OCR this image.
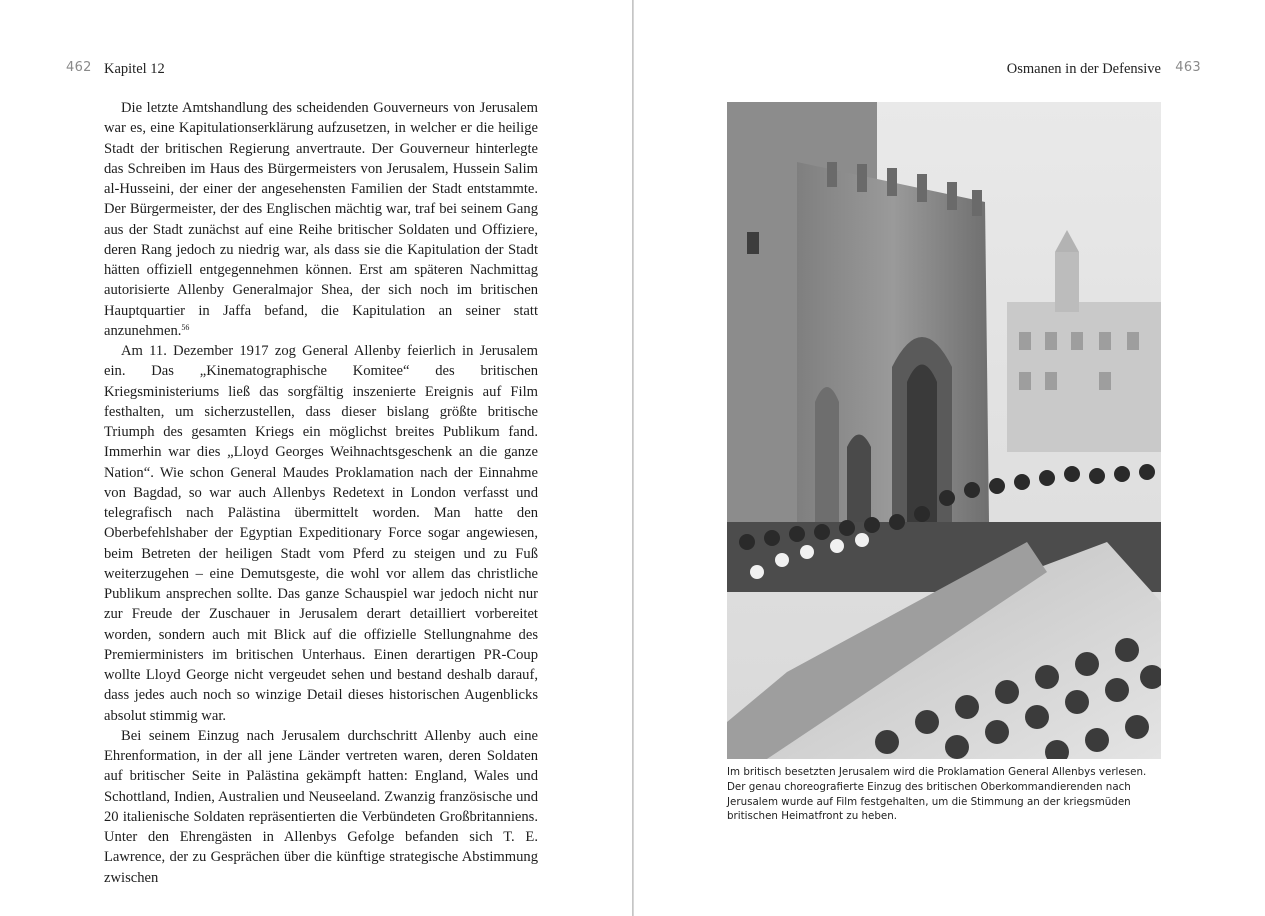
462 Kapitel 12

Die letzte Amtshandlung des scheidenden Gouverneurs von Jerusalem war es, eine Kapitulationserklärung aufzusetzen, in welcher er die heilige Stadt der britischen Regierung anvertraute. Der Gouverneur hinterlegte das Schreiben im Haus des Bürgermeisters von Jerusalem, Hussein Salim al-Husseini, der einer der angesehensten Familien der Stadt entstammte. Der Bürgermeister, der des Englischen mächtig war, traf bei seinem Gang aus der Stadt zunächst auf eine Reihe britischer Soldaten und Offiziere, deren Rang jedoch zu niedrig war, als dass sie die Kapitulation der Stadt hätten offiziell entgegennehmen können. Erst am späteren Nachmittag autorisierte Allenby Generalmajor Shea, der sich noch im britischen Hauptquartier in Jaffa befand, die Kapitulation an seiner statt anzunehmen.$^{56}$

Am 11. Dezember 1917 zog General Allenby feierlich in Jerusalem ein. Das „Kinematographische Komitee“ des britischen Kriegsministeriums ließ das sorgfältig inszenierte Ereignis auf Film festhalten, um sicherzustellen, dass dieser bislang größte britische Triumph des gesamten Kriegs ein möglichst breites Publikum fand. Immerhin war dies „Lloyd Georges Weihnachtsgeschenk an die ganze Nation“. Wie schon General Maudes Proklamation nach der Einnahme von Bagdad, so war auch Allenbys Redetext in London verfasst und telegrafisch nach Palästina übermittelt worden. Man hatte den Oberbefehlshaber der Egyptian Expeditionary Force sogar angewiesen, beim Betreten der heiligen Stadt vom Pferd zu steigen und zu Fuß weiterzugehen – eine Demutsgeste, die wohl vor allem das christliche Publikum ansprechen sollte. Das ganze Schauspiel war jedoch nicht nur zur Freude der Zuschauer in Jerusalem derart detailliert vorbereitet worden, sondern auch mit Blick auf die offizielle Stellungnahme des Premierministers im britischen Unterhaus. Einen derartigen PR-Coup wollte Lloyd George nicht vergeudet sehen und bestand deshalb darauf, dass jedes auch noch so winzige Detail dieses historischen Augenblicks absolut stimmig war.

Bei seinem Einzug nach Jerusalem durchschritt Allenby auch eine Ehrenformation, in der all jene Länder vertreten waren, deren Soldaten auf britischer Seite in Palästina gekämpft hatten: England, Wales und Schottland, Indien, Australien und Neuseeland. Zwanzig französische und 20 italienische Soldaten repräsentierten die Verbündeten Großbritanniens. Unter den Ehrengästen in Allenbys Gefolge befanden sich T. E. Lawrence, der zu Gesprächen über die künftige strategische Abstimmung zwischen

Osmanen in der Defensive 463
Im britisch besetzten Jerusalem wird die Proklamation General Allenbys verlesen.
Der genau choreografierte Einzug des britischen Oberkommandierenden nach
Jerusalem wurde auf Film festgehalten, um die Stimmung an der kriegsmüden
britischen Heimatfront zu heben.
